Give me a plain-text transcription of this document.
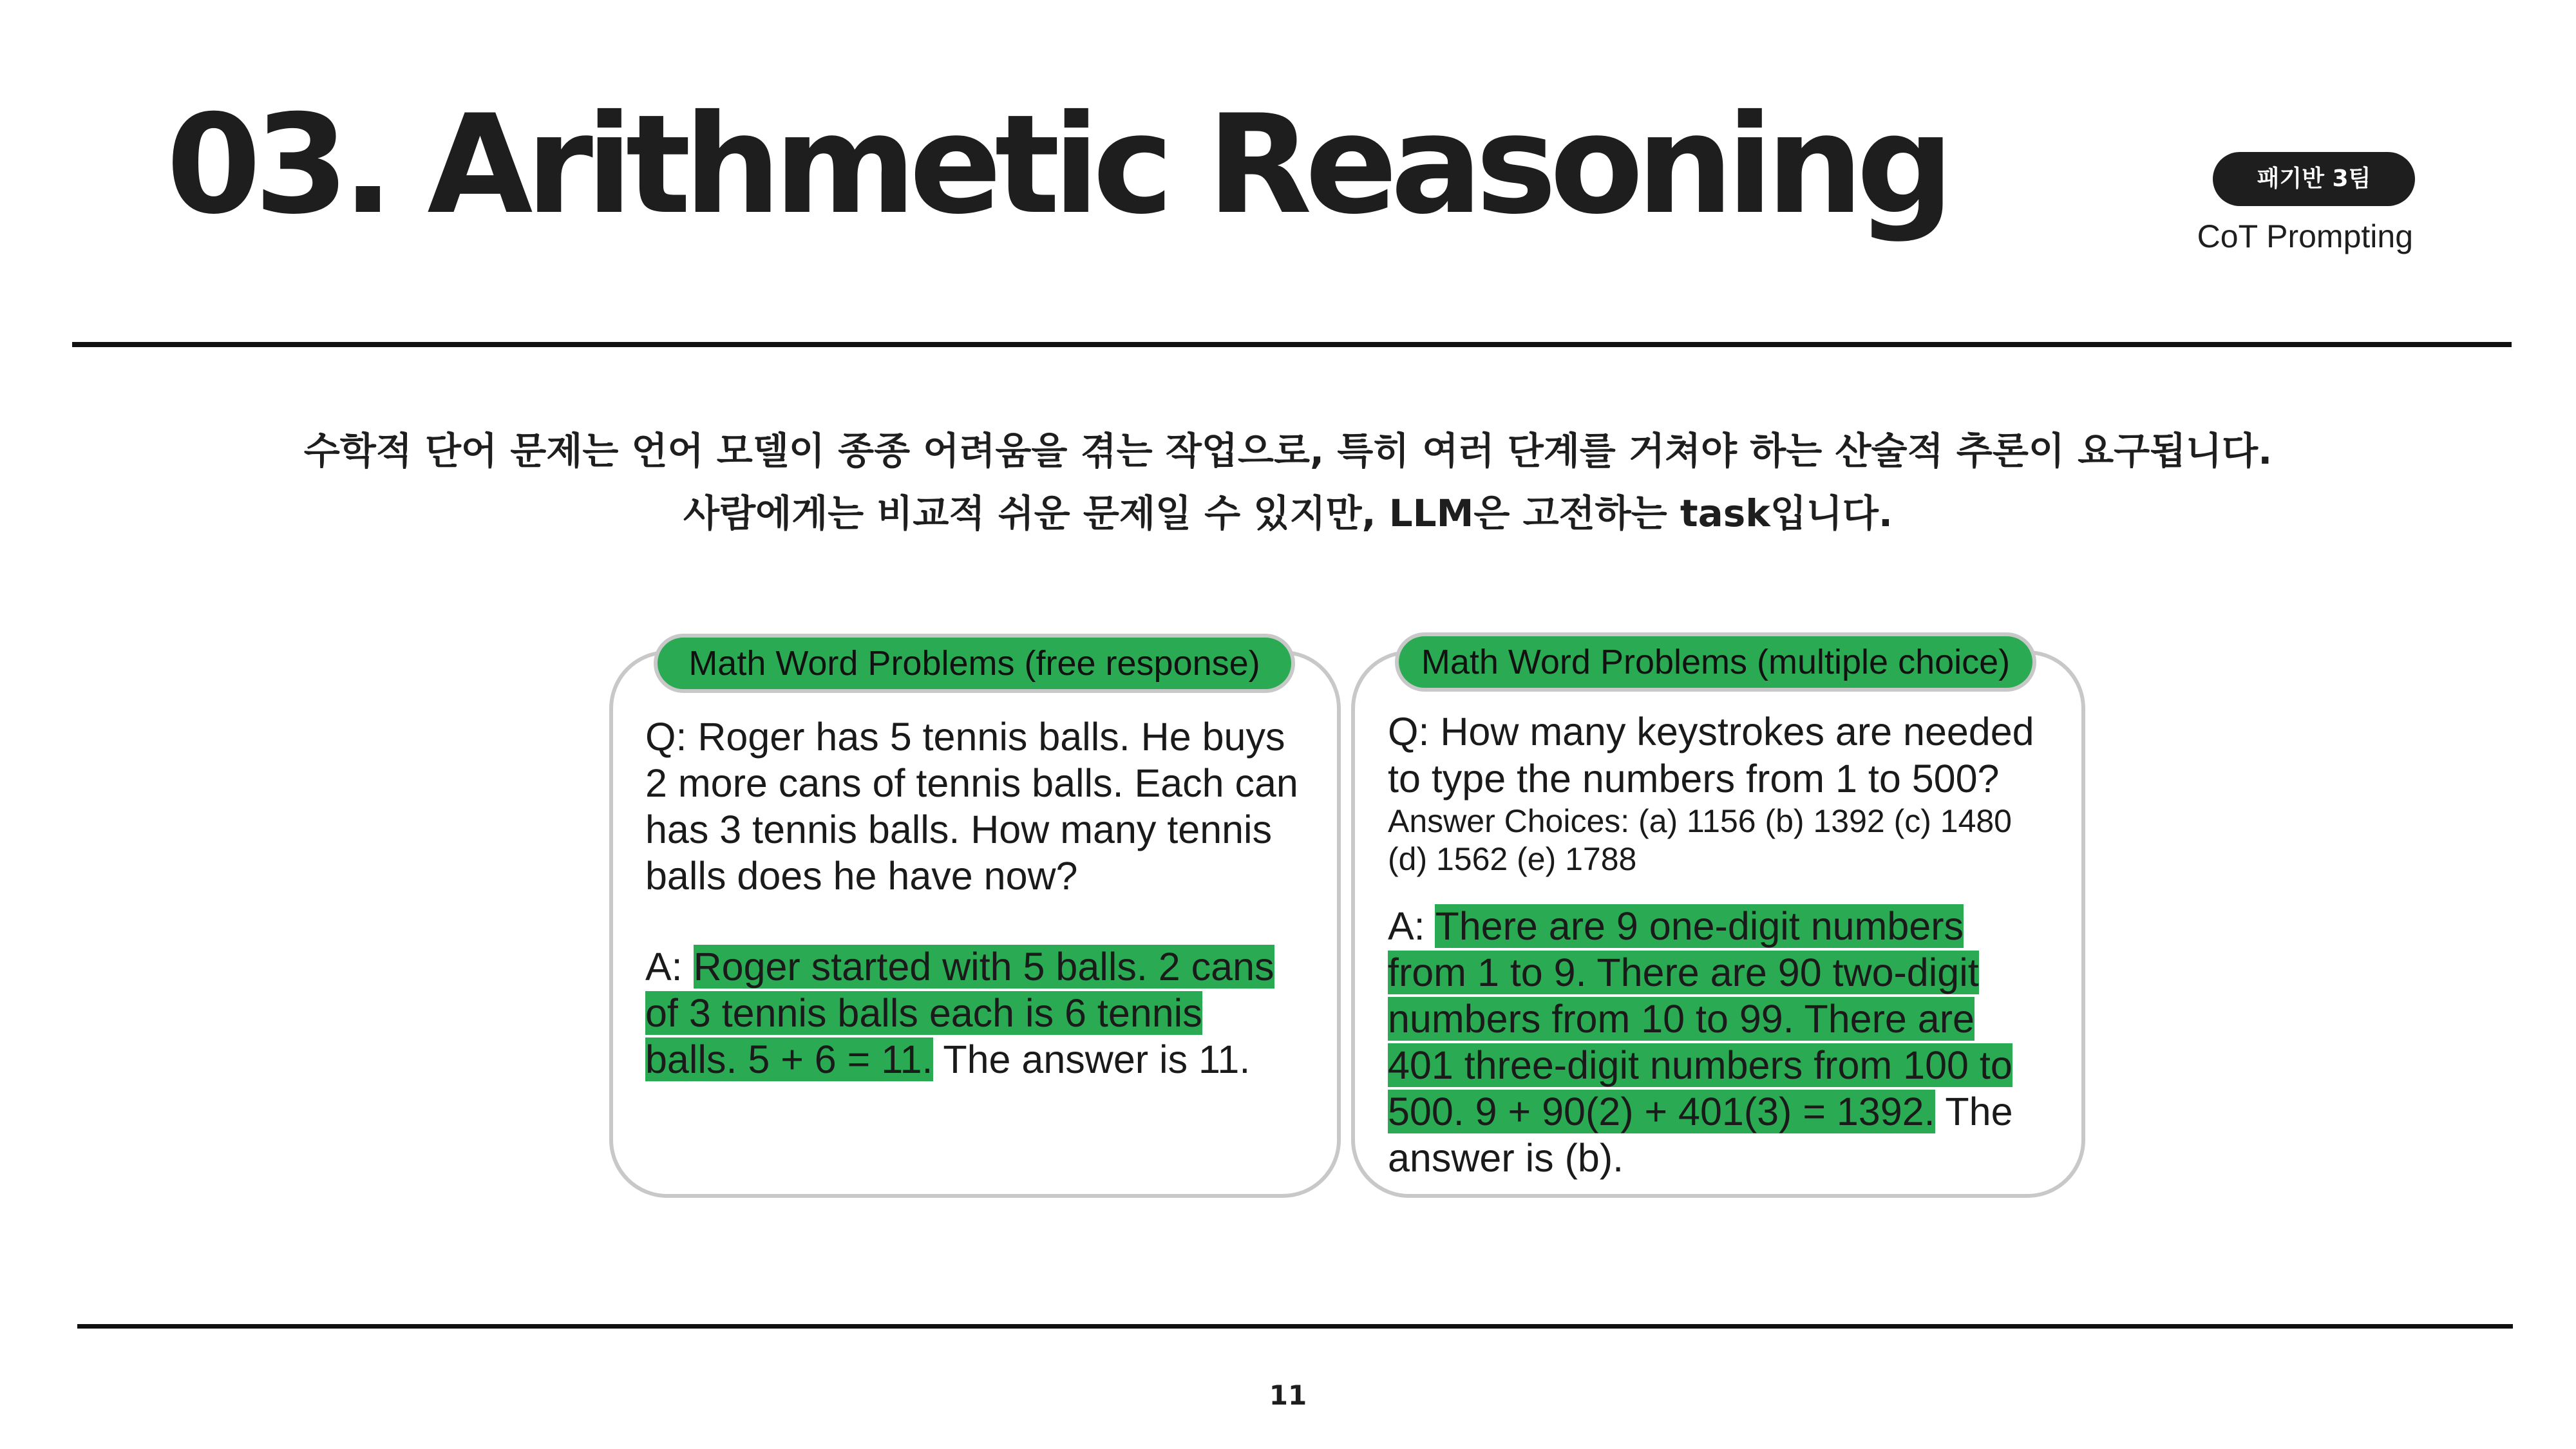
03. Arithmetic Reasoning	패기반 3팀
CoT Prompting

수학적 단어 문제는 언어 모델이 종종 어려움을 겪는 작업으로, 특히 여러 단계를 거쳐야 하는 산술적 추론이 요구됩니다.

사람에게는 비교적 쉬운 문제일 수 있지만, LLM은 고전하는 task입니다.

Math Word Problems (free response)
Q: Roger has 5 tennis balls. He buys
2 more cans of tennis balls. Each can
has 3 tennis balls. How many tennis
balls does he have now?
A: Roger started with 5 balls. 2 cans
of 3 tennis balls each is 6 tennis
balls. 5 + 6 = 11. The answer is 11.
Math Word Problems (multiple choice)
Q: How many keystrokes are needed
to type the numbers from 1 to 500?
Answer Choices: (a) 1156 (b) 1392 (c) 1480
(d) 1562 (e) 1788
A: There are 9 one-digit numbers
from 1 to 9. There are 90 two-digit
numbers from 10 to 99. There are
401 three-digit numbers from 100 to
500. 9 + 90(2) + 401(3) = 1392. The
answer is (b).
11
